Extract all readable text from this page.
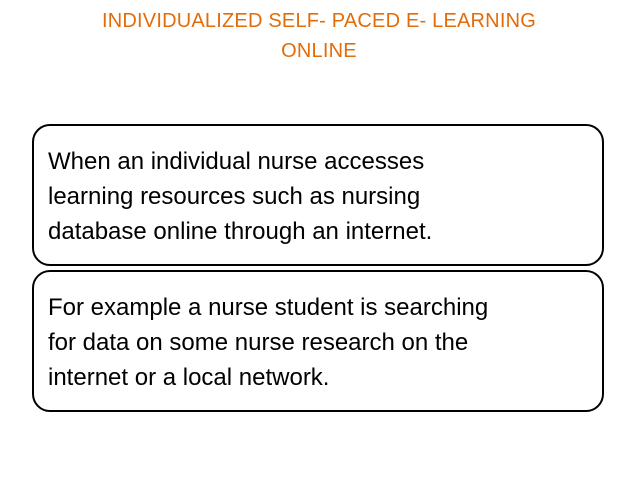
INDIVIDUALIZED SELF- PACED E- LEARNING
ONLINE
When an individual nurse accesses
learning resources such as nursing
database online through an internet.
For example a nurse student is searching
for data on some nurse research on the
internet or a local network.
